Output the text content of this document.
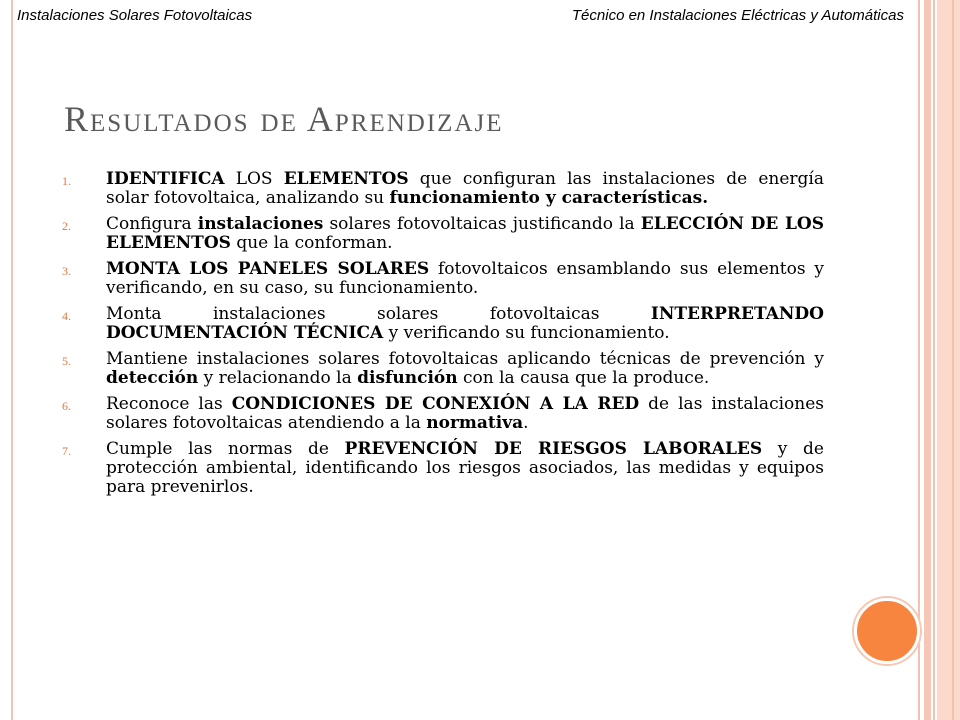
Instalaciones Solares Fotovoltaicas	Técnico en Instalaciones Eléctricas y Automáticas
Resultados de Aprendizaje
1. IDENTIFICA LOS ELEMENTOS que configuran las instalaciones de energía solar fotovoltaica, analizando su funcionamiento y características.
2. Configura instalaciones solares fotovoltaicas justificando la ELECCIÓN DE LOS ELEMENTOS que la conforman.
3. MONTA LOS PANELES SOLARES fotovoltaicos ensamblando sus elementos y verificando, en su caso, su funcionamiento.
4. Monta instalaciones solares fotovoltaicas INTERPRETANDO DOCUMENTACIÓN TÉCNICA y verificando su funcionamiento.
5. Mantiene instalaciones solares fotovoltaicas aplicando técnicas de prevención y detección y relacionando la disfunción con la causa que la produce.
6. Reconoce las CONDICIONES DE CONEXIÓN A LA RED de las instalaciones solares fotovoltaicas atendiendo a la normativa.
7. Cumple las normas de PREVENCIÓN DE RIESGOS LABORALES y de protección ambiental, identificando los riesgos asociados, las medidas y equipos para prevenirlos.
